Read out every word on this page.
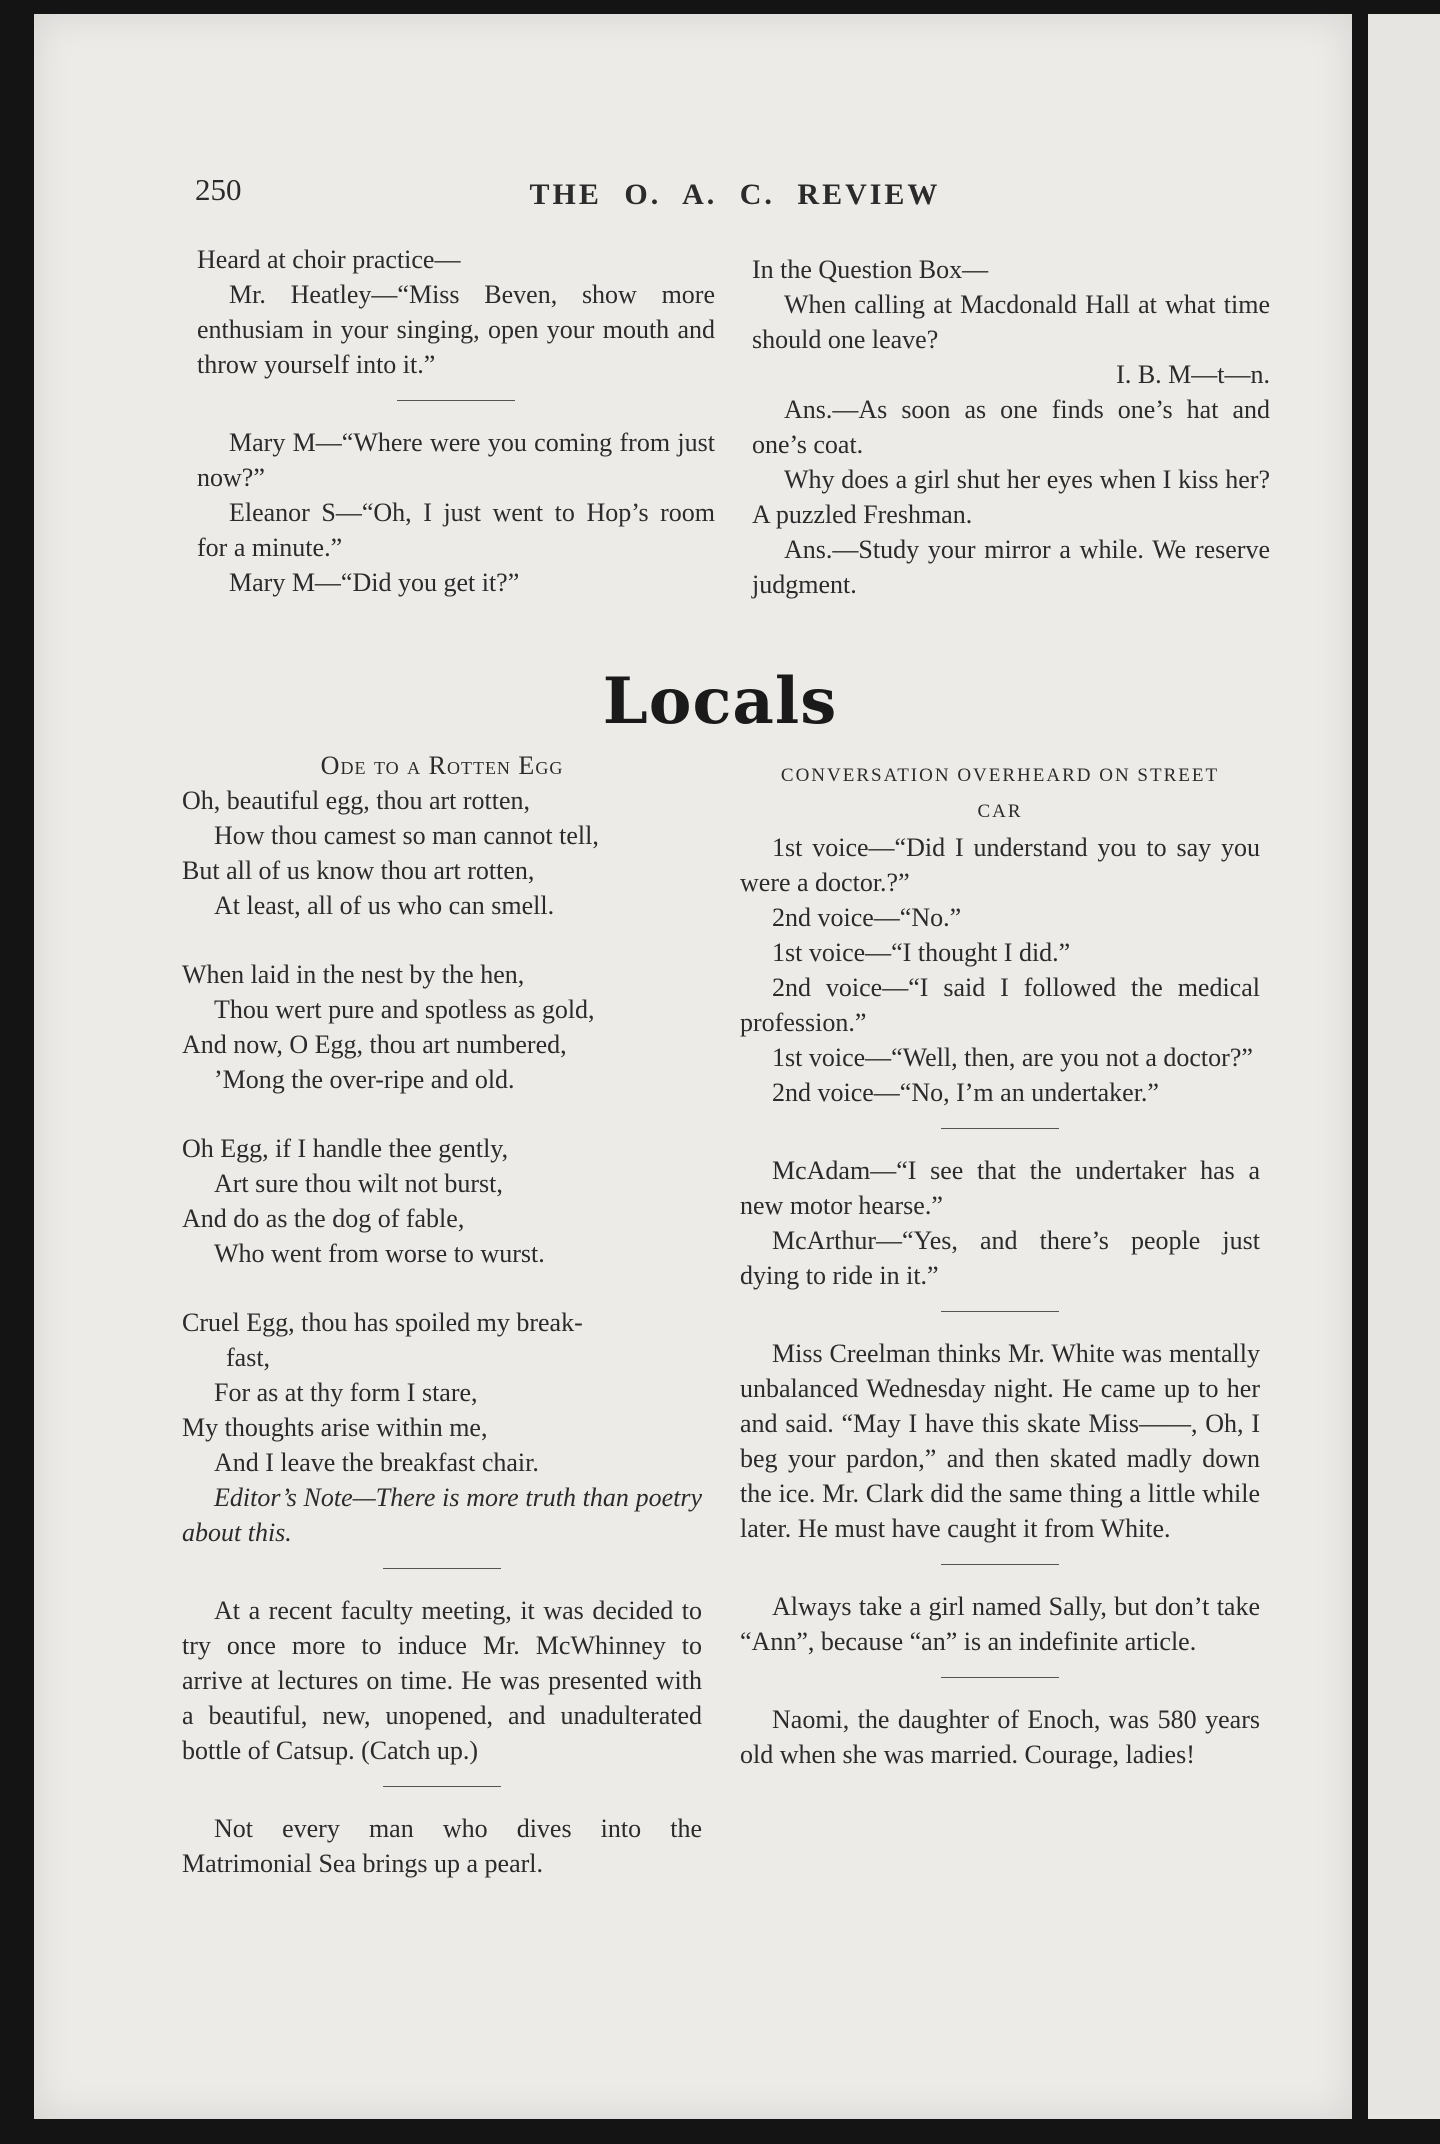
250	THE O. A. C. REVIEW

Heard at choir practice—

Mr. Heatley—“Miss Beven, show more enthusiam in your singing, open your mouth and throw yourself into it.”

Mary M—“Where were you coming from just now?”

Eleanor S—“Oh, I just went to Hop’s room for a minute.”

Mary M—“Did you get it?”

In the Question Box—

When calling at Macdonald Hall at what time should one leave?

I. B. M—t—n.

Ans.—As soon as one finds one’s hat and one’s coat.

Why does a girl shut her eyes when I kiss her? A puzzled Freshman.

Ans.—Study your mirror a while. We reserve judgment.

Locals

Ode to a Rotten Egg

Oh, beautiful egg, thou art rotten,

How thou camest so man cannot tell,

But all of us know thou art rotten,

At least, all of us who can smell.

When laid in the nest by the hen,

Thou wert pure and spotless as gold,

And now, O Egg, thou art numbered,

’Mong the over-ripe and old.

Oh Egg, if I handle thee gently,

Art sure thou wilt not burst,

And do as the dog of fable,

Who went from worse to wurst.

Cruel Egg, thou has spoiled my break-

fast,

For as at thy form I stare,

My thoughts arise within me,

And I leave the breakfast chair.

Editor’s Note—There is more truth than poetry about this.

At a recent faculty meeting, it was decided to try once more to induce Mr. McWhinney to arrive at lectures on time. He was presented with a beautiful, new, unopened, and unadulterated bottle of Catsup. (Catch up.)

Not every man who dives into the Matrimonial Sea brings up a pearl.

CONVERSATION OVERHEARD ON STREET

CAR

1st voice—“Did I understand you to say you were a doctor.?”

2nd voice—“No.”

1st voice—“I thought I did.”

2nd voice—“I said I followed the medical profession.”

1st voice—“Well, then, are you not a doctor?”

2nd voice—“No, I’m an undertaker.”

McAdam—“I see that the undertaker has a new motor hearse.”

McArthur—“Yes, and there’s people just dying to ride in it.”

Miss Creelman thinks Mr. White was mentally unbalanced Wednesday night. He came up to her and said. “May I have this skate Miss——, Oh, I beg your pardon,” and then skated madly down the ice. Mr. Clark did the same thing a little while later. He must have caught it from White.

Always take a girl named Sally, but don’t take “Ann”, because “an” is an indefinite article.

Naomi, the daughter of Enoch, was 580 years old when she was married. Courage, ladies!
